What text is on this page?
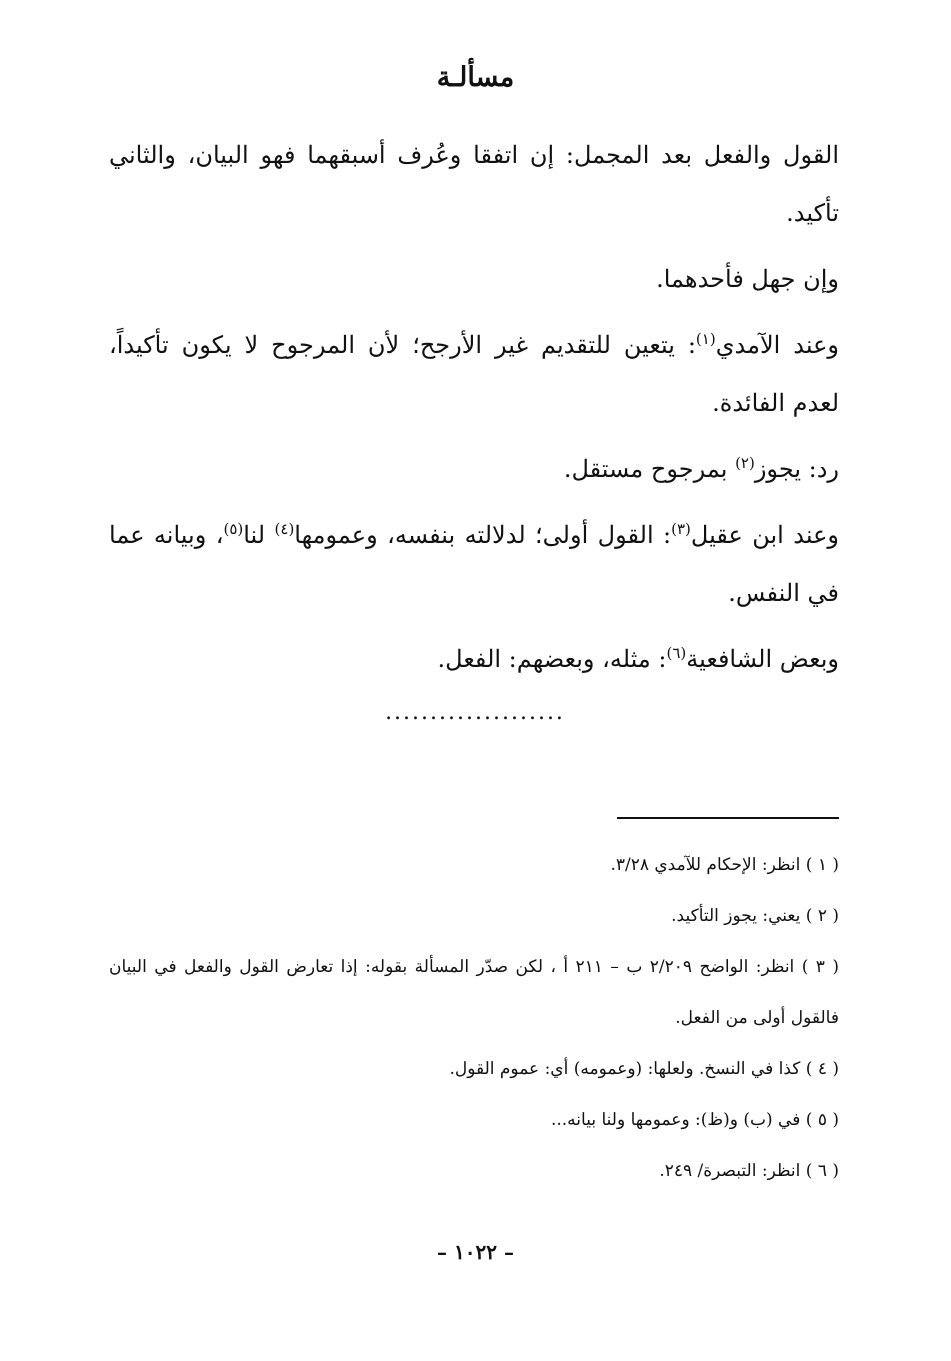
مسألـة

القول والفعل بعد المجمل: إن اتفقا وعُرف أسبقهما فهو البيان، والثاني تأكيد.

وإن جهل فأحدهما.

وعند الآمدي$^{(١)}$: يتعين للتقديم غير الأرجح؛ لأن المرجوح لا يكون تأكيداً، لعدم الفائدة.

رد: يجوز$^{(٢)}$ بمرجوح مستقل.

وعند ابن عقيل$^{(٣)}$: القول أولى؛ لدلالته بنفسه، وعمومها$^{(٤)}$ لنا$^{(٥)}$، وبيانه عما في النفس.

وبعض الشافعية$^{(٦)}$: مثله، وبعضهم: الفعل.

....................

( ١ ) انظر: الإحكام للآمدي ٣/٢٨.

( ٢ ) يعني: يجوز التأكيد.

( ٣ ) انظر: الواضح ٢/٢٠٩ ب – ٢١١ أ ، لكن صدّر المسألة بقوله: إذا تعارض القول والفعل في البيان فالقول أولى من الفعل.

( ٤ ) كذا في النسخ. ولعلها: (وعمومه) أي: عموم القول.

( ٥ ) في (ب) و(ظ): وعمومها ولنا بيانه...

( ٦ ) انظر: التبصرة/ ٢٤٩.

– ١٠٢٢ –
